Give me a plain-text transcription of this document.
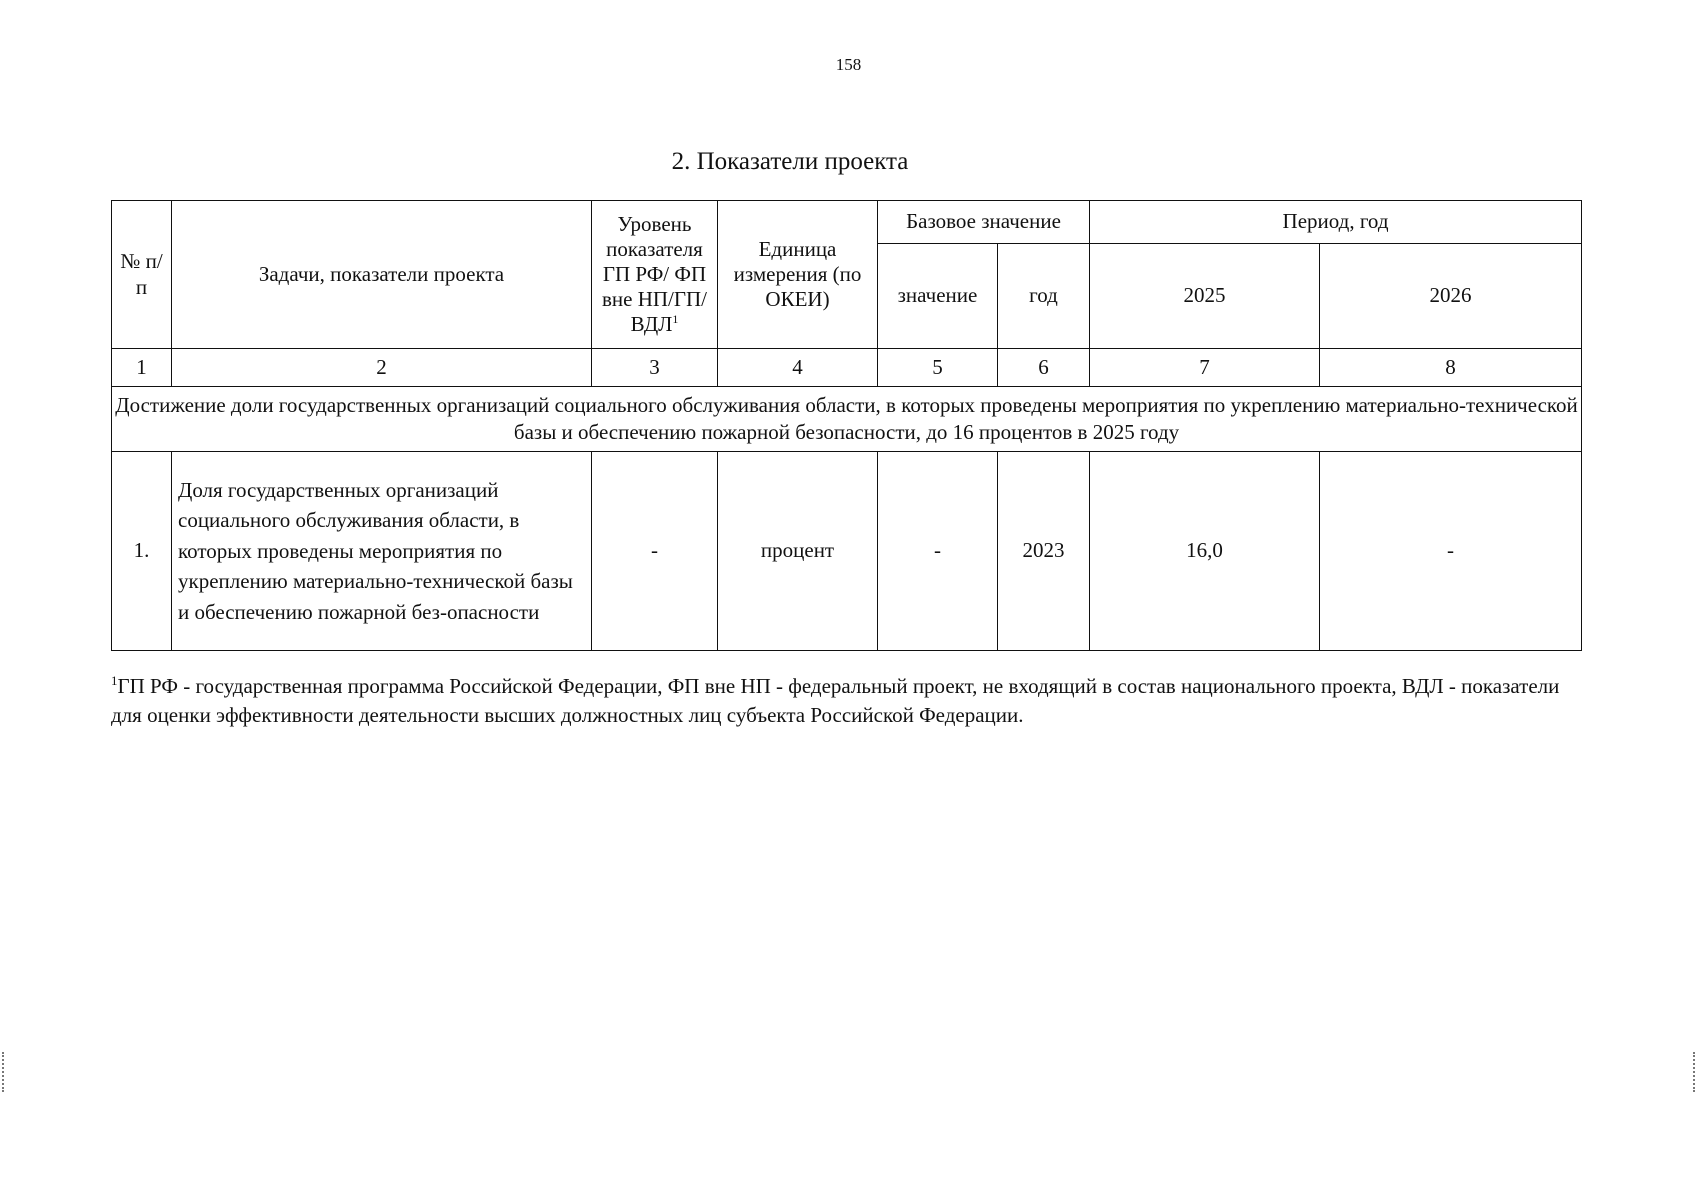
158
2. Показатели проекта
№ п/п	Задачи, показатели проекта	Уровень показателя ГП РФ/ ФП вне НП/ГП/ ВДЛ$^1$	Единица измерения (по ОКЕИ)	Базовое значение		Период, год	
				значение	год	2025	2026
1	2	3	4	5	6	7	8
Достижение доли государственных организаций социального обслуживания области, в которых проведены мероприятия по укреплению материально-технической базы и обеспечению пожарной безопасности, до 16 процентов в 2025 году							
1.	Доля государственных организаций социального обслуживания области, в которых проведены мероприятия по укреплению материально-технической базы и обеспечению пожарной без-опасности	-	процент	-	2023	16,0	-
$^1$ГП РФ - государственная программа Российской Федерации, ФП вне НП - федеральный проект, не входящий в состав национального проекта, ВДЛ - показатели для оценки эффективности деятельности высших должностных лиц субъекта Российской Федерации.
